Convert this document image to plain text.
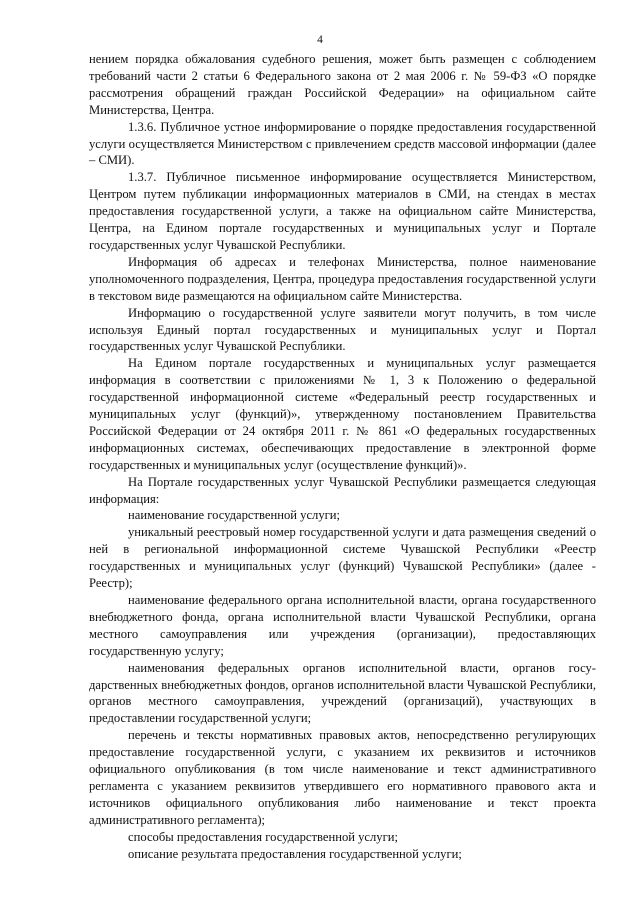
4

нением порядка обжалования судебного решения, может быть размещен с соблюдением требований части 2 статьи 6 Федерального закона от 2 мая 2006 г. № 59-ФЗ «О порядке рассмотрения обращений граждан Российской Федерации» на официальном сайте Министерства, Центра.

1.3.6. Публичное устное информирование о порядке предоставления государственной услуги осуществляется Министерством с привлечением средств массовой информации (далее – СМИ).

1.3.7. Публичное письменное информирование осуществляется Министерством, Центром путем публикации информационных материалов в СМИ, на стендах в местах предоставления государственной услуги, а также на официальном сайте Министерства, Центра, на Едином портале государственных и муниципальных услуг и Портале государственных услуг Чувашской Республики.

Информация об адресах и телефонах Министерства, полное наименование уполномоченного подразделения, Центра, процедура предоставления государственной услуги в текстовом виде размещаются на официальном сайте Министерства.

Информацию о государственной услуге заявители могут получить, в том числе используя Единый портал государственных и муниципальных услуг и Портал государственных услуг Чувашской Республики.

На Едином портале государственных и муниципальных услуг размещается информация в соответствии с приложениями № 1, 3 к Положению о федеральной государственной информационной системе «Федеральный реестр государственных и муниципальных услуг (функций)», утвержденному постановлением Правительства Российской Федерации от 24 октября 2011 г. № 861 «О федеральных государственных информационных системах, обеспечивающих предоставление в электронной форме государственных и муниципальных услуг (осуществление функций)».

На Портале государственных услуг Чувашской Республики размещается следующая информация:

наименование государственной услуги;

уникальный реестровый номер государственной услуги и дата размещения сведений о ней в региональной информационной системе Чувашской Республики «Реестр государственных и муниципальных услуг (функций) Чувашской Республики» (далее - Реестр);

наименование федерального органа исполнительной власти, органа государственного внебюджетного фонда, органа исполнительной власти Чувашской Республики, органа местного самоуправления или учреждения (организации), предоставляющих государственную услугу;

наименования федеральных органов исполнительной власти, органов государственных внебюджетных фондов, органов исполнительной власти Чувашской Республики, органов местного самоуправления, учреждений (организаций), участвующих в предоставлении государственной услуги;

перечень и тексты нормативных правовых актов, непосредственно регулирующих предоставление государственной услуги, с указанием их реквизитов и источников официального опубликования (в том числе наименование и текст административного регламента с указанием реквизитов утвердившего его нормативного правового акта и источников официального опубликования либо наименование и текст проекта административного регламента);

способы предоставления государственной услуги;

описание результата предоставления государственной услуги;
